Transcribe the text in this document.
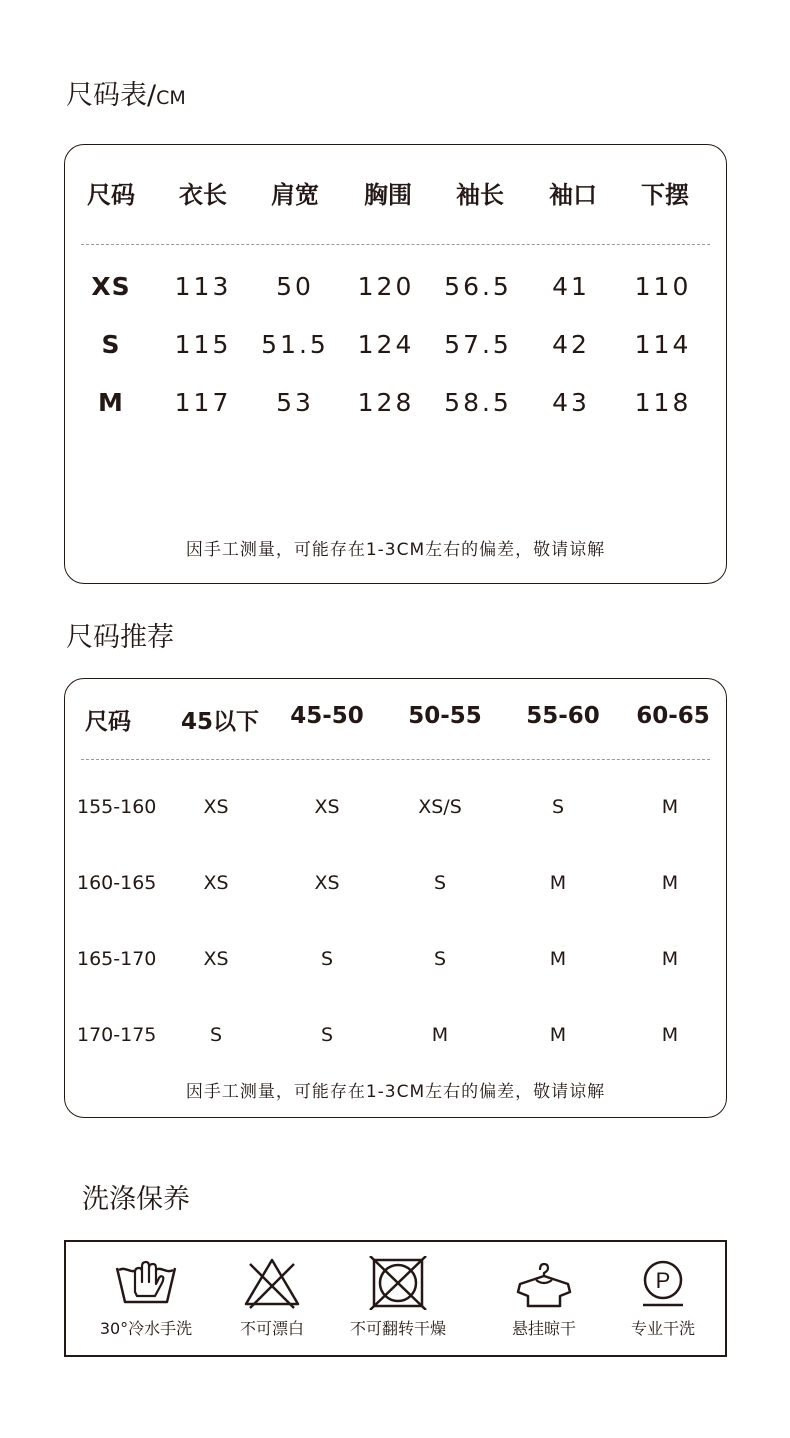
尺码表/CM
尺码 衣长 肩宽 胸围 袖长 袖口 下摆
XS 113 50 120 56.5 41 110
S 115 51.5 124 57.5 42 114
M 117 53 128 58.5 43 118
因手工测量，可能存在1-3CM左右的偏差，敬请谅解
尺码推荐
尺码 45以下 45-50 50-55 55-60 60-65
155-160 XS	XS	XS/S	S	M
160-165 XS	XS	S	M	M
165-170 XS	S	S	M	M
170-175	S	S	M	M	M
因手工测量，可能存在1-3CM左右的偏差，敬请谅解
洗涤保养
30°冷水手洗	不可漂白	不可翻转干燥	悬挂晾干
P
专业干洗
